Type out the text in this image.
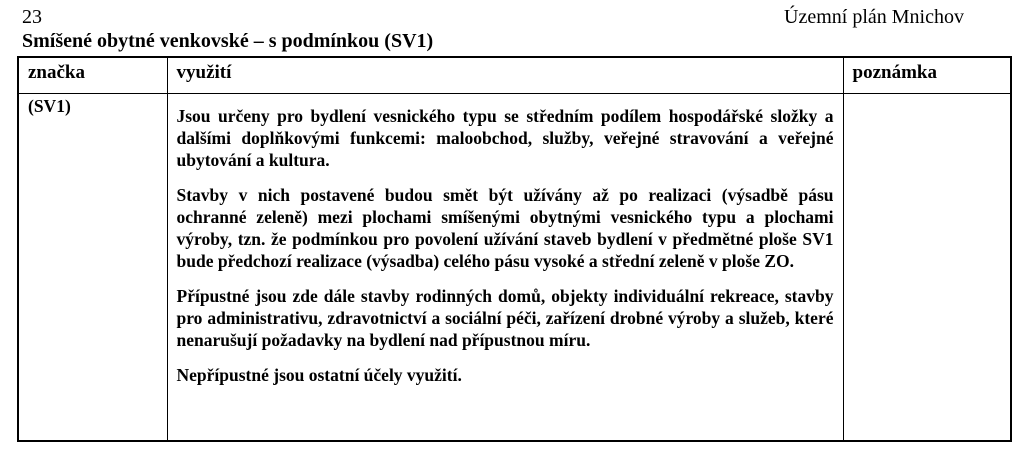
23	Územní plán Mnichov
Smíšené obytné venkovské – s podmínkou (SV1)
značka	využití	poznámka
(SV1)	Jsou určeny pro bydlení vesnického typu se středním podílem hospodářské složky a dalšími doplňkovými funkcemi: maloobchod, služby, veřejné stravování a veřejné ubytování a kultura.

Stavby v nich postavené budou smět být užívány až po realizaci (výsadbě pásu ochranné zeleně) mezi plochami smíšenými obytnými vesnického typu a plochami výroby, tzn. že podmínkou pro povolení užívání staveb bydlení v předmětné ploše SV1 bude předchozí realizace (výsadba) celého pásu vysoké a střední zeleně v ploše ZO.

Přípustné jsou zde dále stavby rodinných domů, objekty individuální rekreace, stavby pro administrativu, zdravotnictví a sociální péči, zařízení drobné výroby a služeb, které nenarušují požadavky na bydlení nad přípustnou míru.

Nepřípustné jsou ostatní účely využití.	
